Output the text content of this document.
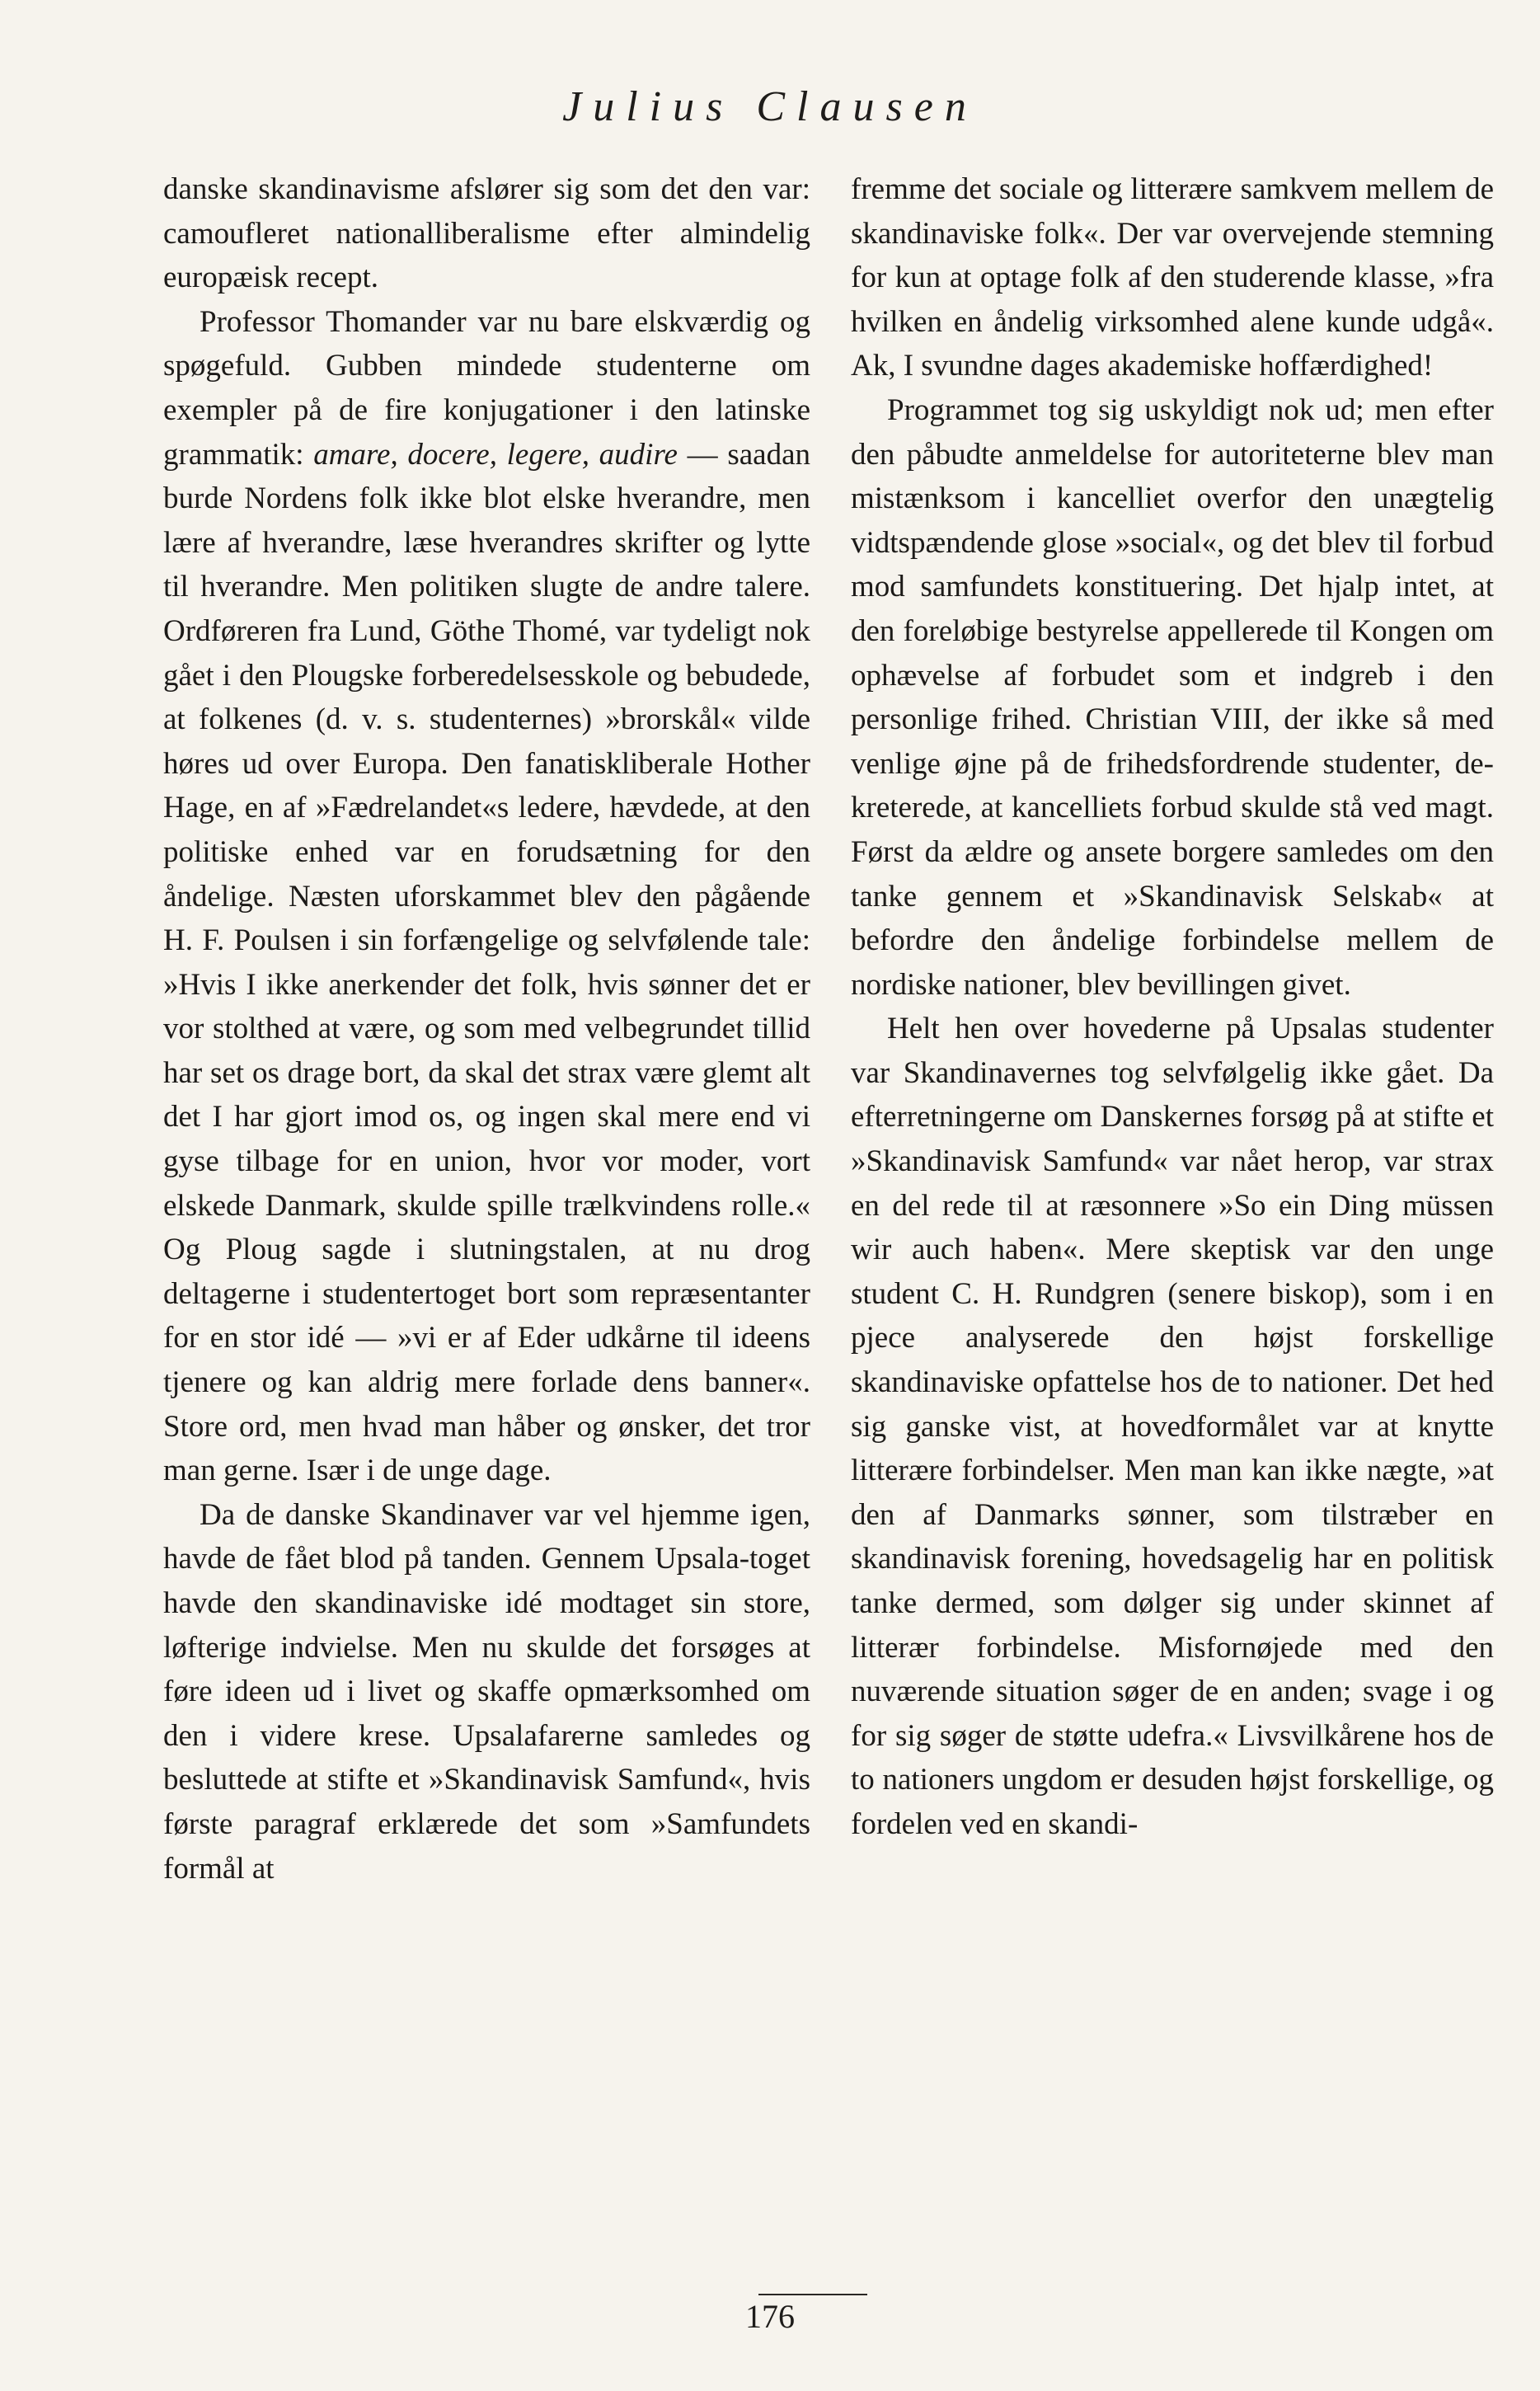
Julius Clausen

danske skandinavisme afslører sig som det den var: camoufleret nationalliberalisme efter almindelig europæisk recept.

Professor Thomander var nu bare elskværdig og spøgefuld. Gubben mindede studenterne om exempler på de fire konjugationer i den latinske grammatik: amare, docere, legere, audire — saadan burde Nordens folk ikke blot elske hverandre, men lære af hverandre, læse hverandres skrifter og lytte til hverandre. Men politiken slugte de andre talere. Ordføreren fra Lund, Göthe Thomé, var tydeligt nok gået i den Plougske forberedelsesskole og bebudede, at folkenes (d. v. s. studenternes) »brorskål« vilde høres ud over Europa. Den fanatiskliberale Hother Hage, en af »Fædrelandet«s ledere, hævdede, at den politiske enhed var en forudsætning for den åndelige. Næsten uforskammet blev den pågående H. F. Poulsen i sin forfængelige og selvfølende tale: »Hvis I ikke anerkender det folk, hvis sønner det er vor stolthed at være, og som med velbegrundet tillid har set os drage bort, da skal det strax være glemt alt det I har gjort imod os, og ingen skal mere end vi gyse tilbage for en union, hvor vor moder, vort elskede Danmark, skulde spille trælkvindens rolle.« Og Ploug sagde i slutningstalen, at nu drog deltagerne i studentertoget bort som repræsentanter for en stor idé — »vi er af Eder udkårne til ideens tjenere og kan aldrig mere forlade dens banner«. Store ord, men hvad man håber og ønsker, det tror man gerne. Især i de unge dage.

Da de danske Skandinaver var vel hjemme igen, havde de fået blod på tanden. Gennem Upsala-toget havde den skandinaviske idé modtaget sin store, løfterige indvielse. Men nu skulde det forsøges at føre ideen ud i livet og skaffe opmærksomhed om den i videre krese. Upsalafarerne samledes og besluttede at stifte et »Skandinavisk Samfund«, hvis første paragraf erklærede det som »Samfundets formål at

fremme det sociale og litterære samkvem mellem de skandinaviske folk«. Der var overvejende stemning for kun at optage folk af den studerende klasse, »fra hvilken en åndelig virksomhed alene kunde udgå«. Ak, I svundne dages akademiske hoffærdighed!

Programmet tog sig uskyldigt nok ud; men efter den påbudte anmeldelse for autoriteterne blev man mistænksom i kancelliet overfor den unægtelig vidtspændende glose »social«, og det blev til forbud mod samfundets konstituering. Det hjalp intet, at den foreløbige bestyrelse appellerede til Kongen om ophævelse af forbudet som et indgreb i den personlige frihed. Christian VIII, der ikke så med venlige øjne på de frihedsfordrende studenter, dekreterede, at kancelliets forbud skulde stå ved magt. Først da ældre og ansete borgere samledes om den tanke gennem et »Skandinavisk Selskab« at befordre den åndelige forbindelse mellem de nordiske nationer, blev bevillingen givet.

Helt hen over hovederne på Upsalas studenter var Skandinavernes tog selvfølgelig ikke gået. Da efterretningerne om Danskernes forsøg på at stifte et »Skandinavisk Samfund« var nået herop, var strax en del rede til at ræsonnere »So ein Ding müssen wir auch haben«. Mere skeptisk var den unge student C. H. Rundgren (senere biskop), som i en pjece analyserede den højst forskellige skandinaviske opfattelse hos de to nationer. Det hed sig ganske vist, at hovedformålet var at knytte litterære forbindelser. Men man kan ikke nægte, »at den af Danmarks sønner, som tilstræber en skandinavisk forening, hovedsagelig har en politisk tanke dermed, som dølger sig under skinnet af litterær forbindelse. Misfornøjede med den nuværende situation søger de en anden; svage i og for sig søger de støtte udefra.« Livsvilkårene hos de to nationers ungdom er desuden højst forskellige, og fordelen ved en skandi-

176
